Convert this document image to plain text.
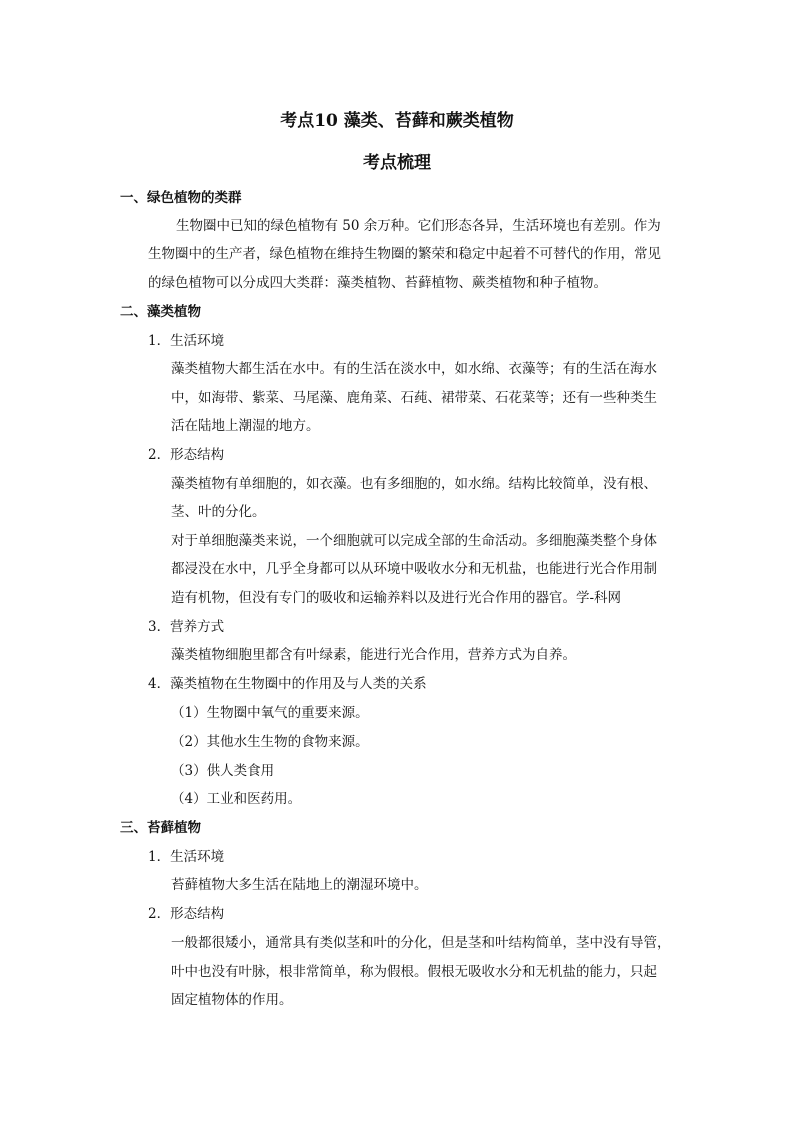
考点10 藻类、苔藓和蕨类植物
考点梳理
一、绿色植物的类群
生物圈中已知的绿色植物有 50 余万种。它们形态各异，生活环境也有差别。作为
生物圈中的生产者，绿色植物在维持生物圈的繁荣和稳定中起着不可替代的作用，常见
的绿色植物可以分成四大类群：藻类植物、苔藓植物、蕨类植物和种子植物。
二、藻类植物
1．生活环境
藻类植物大都生活在水中。有的生活在淡水中，如水绵、衣藻等；有的生活在海水
中，如海带、紫菜、马尾藻、鹿角菜、石莼、裙带菜、石花菜等；还有一些种类生
活在陆地上潮湿的地方。
2．形态结构
藻类植物有单细胞的，如衣藻。也有多细胞的，如水绵。结构比较简单，没有根、
茎、叶的分化。
对于单细胞藻类来说，一个细胞就可以完成全部的生命活动。多细胞藻类整个身体
都浸没在水中，几乎全身都可以从环境中吸收水分和无机盐，也能进行光合作用制
造有机物，但没有专门的吸收和运输养料以及进行光合作用的器官。学-科网
3．营养方式
藻类植物细胞里都含有叶绿素，能进行光合作用，营养方式为自养。
4．藻类植物在生物圈中的作用及与人类的关系
（1）生物圈中氧气的重要来源。
（2）其他水生生物的食物来源。
（3）供人类食用
（4）工业和医药用。
三、苔藓植物
1．生活环境
苔藓植物大多生活在陆地上的潮湿环境中。
2．形态结构
一般都很矮小，通常具有类似茎和叶的分化，但是茎和叶结构简单，茎中没有导管，
叶中也没有叶脉，根非常简单，称为假根。假根无吸收水分和无机盐的能力，只起
固定植物体的作用。
